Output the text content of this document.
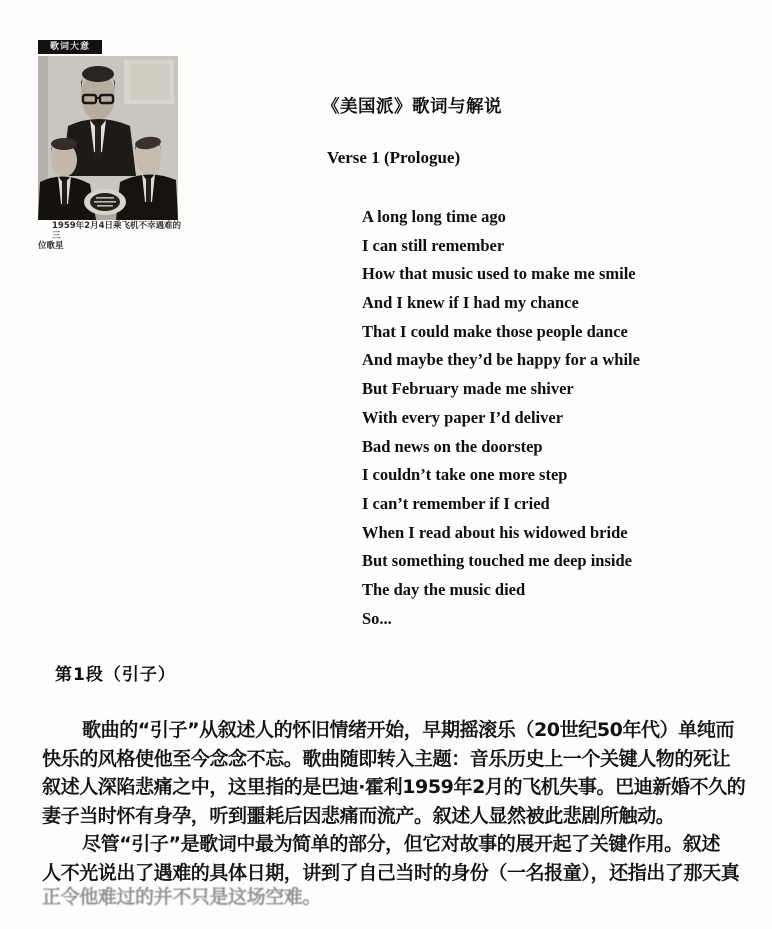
歌词大意
1959年2月4日乘飞机不幸遇难的三
位歌星
《美国派》歌词与解说
Verse 1 (Prologue)
A long long time ago
I can still remember
How that music used to make me smile
And I knew if I had my chance
That I could make those people dance
And maybe they’d be happy for a while
But February made me shiver
With every paper I’d deliver
Bad news on the doorstep
I couldn’t take one more step
I can’t remember if I cried
When I read about his widowed bride
But something touched me deep inside
The day the music died
So...
第1段（引子）
歌曲的“引子”从叙述人的怀旧情绪开始，早期摇滚乐（20世纪50年代）单纯而
快乐的风格使他至今念念不忘。歌曲随即转入主题：音乐历史上一个关键人物的死让
叙述人深陷悲痛之中，这里指的是巴迪·霍利1959年2月的飞机失事。巴迪新婚不久的
妻子当时怀有身孕，听到噩耗后因悲痛而流产。叙述人显然被此悲剧所触动。
尽管“引子”是歌词中最为简单的部分，但它对故事的展开起了关键作用。叙述
人不光说出了遇难的具体日期，讲到了自己当时的身份（一名报童），还指出了那天真
正令他难过的并不只是这场空难。
